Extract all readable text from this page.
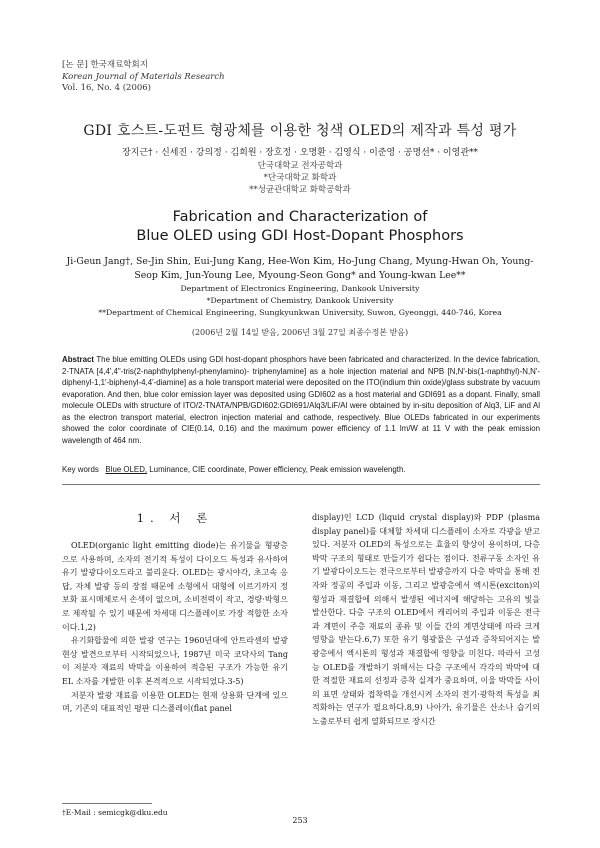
[논 문] 한국재료학회지
Korean Journal of Materials Research
Vol. 16, No. 4 (2006)
GDI 호스트-도펀트 형광체를 이용한 청색 OLED의 제작과 특성 평가
장지근† · 신세진 · 강의정 · 김희원 · 장호정 · 오명환 · 김영식 · 이준영 · 공명선* · 이영관**
단국대학교 전자공학과
*단국대학교 화학과
**성균관대학교 화학공학과
Fabrication and Characterization of
Blue OLED using GDI Host-Dopant Phosphors
Ji-Geun Jang†, Se-Jin Shin, Eui-Jung Kang, Hee-Won Kim, Ho-Jung Chang, Myung-Hwan Oh, Young-Seop Kim, Jun-Young Lee, Myoung-Seon Gong* and Young-kwan Lee**
Department of Electronics Engineering, Dankook University
*Department of Chemistry, Dankook University
**Department of Chemical Engineering, Sungkyunkwan University, Suwon, Gyeonggi, 440-746, Korea
(2006년 2월 14일 받음, 2006년 3월 27일 최종수정본 받음)
Abstract The blue emitting OLEDs using GDI host-dopant phosphors have been fabricated and characterized. In the device fabrication, 2-TNATA [4,4',4"-tris(2-naphthylphenyl-phenylamino)- triphenylamine] as a hole injection material and NPB [N,N'-bis(1-naphthyl)-N,N'-diphenyl-1,1'-biphenyl-4,4'-diamine] as a hole transport material were deposited on the ITO(indium thin oxide)/glass substrate by vacuum evaporation. And then, blue color emission layer was deposited using GDI602 as a host material and GDI691 as a dopant. Finally, small molecule OLEDs with structure of ITO/2-TNATA/NPB/GDI602:GDI691/Alq3/LiF/Al were obtained by in-situ deposition of Alq3, LiF and Al as the electron transport material, electron injection material and cathode, respectively. Blue OLEDs fabricated in our experiments showed the color coordinate of CIE(0.14, 0.16) and the maximum power efficiency of 1.1 lm/W at 11 V with the peak emission wavelength of 464 nm.
Key words Blue OLED, Luminance, CIE coordinate, Power efficiency, Peak emission wavelength.
1. 서 론

OLED(organic light emitting diode)는 유기물을 형광층으로 사용하며, 소자의 전기적 특성이 다이오드 특성과 유사하여 유기 발광다이오드라고 불리운다. OLED는 광시야각, 초고속 응답, 자체 발광 등의 장점 때문에 소형에서 대형에 이르기까지 정보화 표시매체로서 손색이 없으며, 소비전력이 작고, 경량·박형으로 제작될 수 있기 때문에 차세대 디스플레이로 가장 적합한 소자이다.1,2)

유기화합물에 의한 발광 연구는 1960년대에 안트라센의 발광현상 발견으로부터 시작되었으나, 1987년 미국 코닥사의 Tang이 저분자 재료의 박막을 이용하여 적층된 구조가 가능한 유기 EL 소자를 개발한 이후 본격적으로 시작되었다.3-5)

저분자 발광 재료를 이용한 OLED는 현재 상용화 단계에 있으며, 기존의 대표적인 평판 디스플레이(flat panel

display)인 LCD (liquid crystal display)와 PDP (plasma display panel)를 대체할 차세대 디스플레이 소자로 각광을 받고 있다. 저분자 OLED의 특성으로는 효율의 향상이 용이하며, 다층 박막 구조의 형태로 만들기가 쉽다는 점이다. 전류구동 소자인 유기 발광다이오드는 전극으로부터 발광층까지 다층 박막을 통해 전자와 정공의 주입과 이동, 그리고 발광층에서 엑시톤(exciton)의 형성과 재결합에 의해서 발생된 에너지에 해당하는 고유의 빛을 발산한다. 다층 구조의 OLED에서 캐리어의 주입과 이동은 전극과 계면이 주층 재료의 종류 및 이들 간의 계면상태에 따라 크게 영향을 받는다.6,7) 또한 유기 형광물은 구성과 증착되어지는 발광층에서 엑시톤의 형성과 재결합에 영향을 미친다. 따라서 고성능 OLED를 개발하기 위해서는 다층 구조에서 각각의 박막에 대한 적절한 재료의 선정과 증착 실계가 중요하며, 이울 박막들 사이의 표면 상태와 접착력을 개선시켜 소자의 전기·광학적 특성을 최적화하는 연구가 필요하다.8,9) 나아가, 유기물은 산소나 습기의 노출로부터 쉽게 열화되므로 장시간

†E-Mail : semicgk@dku.edu
253
